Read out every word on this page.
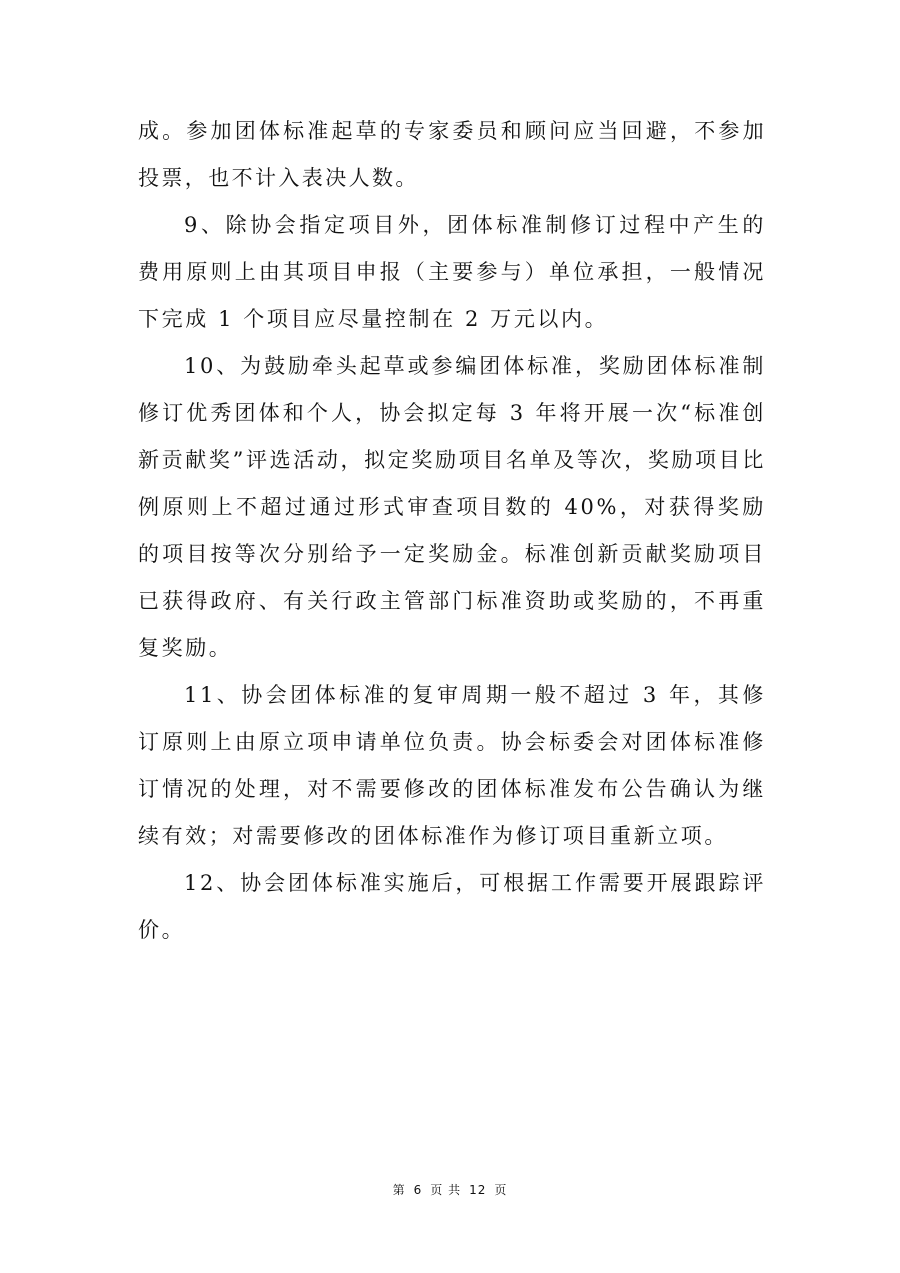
成。参加团体标准起草的专家委员和顾问应当回避，不参加投票，也不计入表决人数。

9、除协会指定项目外，团体标准制修订过程中产生的费用原则上由其项目申报（主要参与）单位承担，一般情况下完成 1 个项目应尽量控制在 2 万元以内。

10、为鼓励牵头起草或参编团体标准，奖励团体标准制修订优秀团体和个人，协会拟定每 3 年将开展一次“标准创新贡献奖”评选活动，拟定奖励项目名单及等次，奖励项目比例原则上不超过通过形式审查项目数的 40%，对获得奖励的项目按等次分别给予一定奖励金。标准创新贡献奖励项目已获得政府、有关行政主管部门标准资助或奖励的，不再重复奖励。

11、协会团体标准的复审周期一般不超过 3 年，其修订原则上由原立项申请单位负责。协会标委会对团体标准修订情况的处理，对不需要修改的团体标准发布公告确认为继续有效；对需要修改的团体标准作为修订项目重新立项。

12、协会团体标准实施后，可根据工作需要开展跟踪评价。

第 6 页 共 12 页
